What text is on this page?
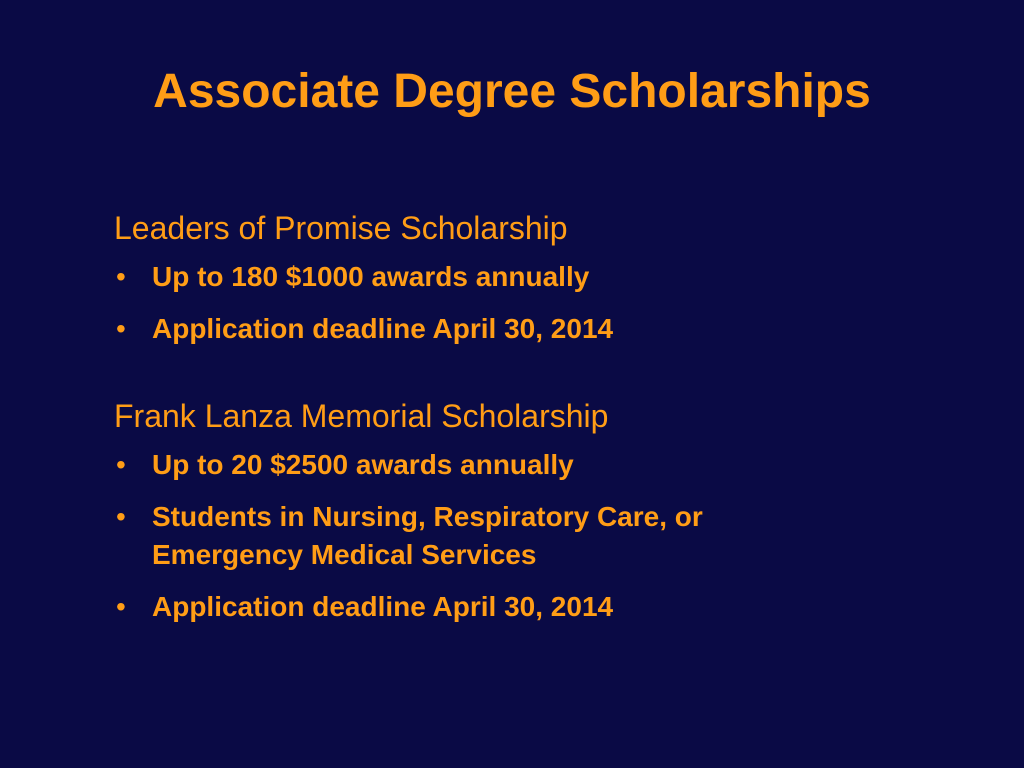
Associate Degree Scholarships
Leaders of Promise Scholarship
• Up to 180 $1000 awards annually
• Application deadline April 30, 2014
Frank Lanza Memorial Scholarship
• Up to 20 $2500 awards annually
• Students in Nursing, Respiratory Care, or Emergency Medical Services
• Application deadline April 30, 2014
